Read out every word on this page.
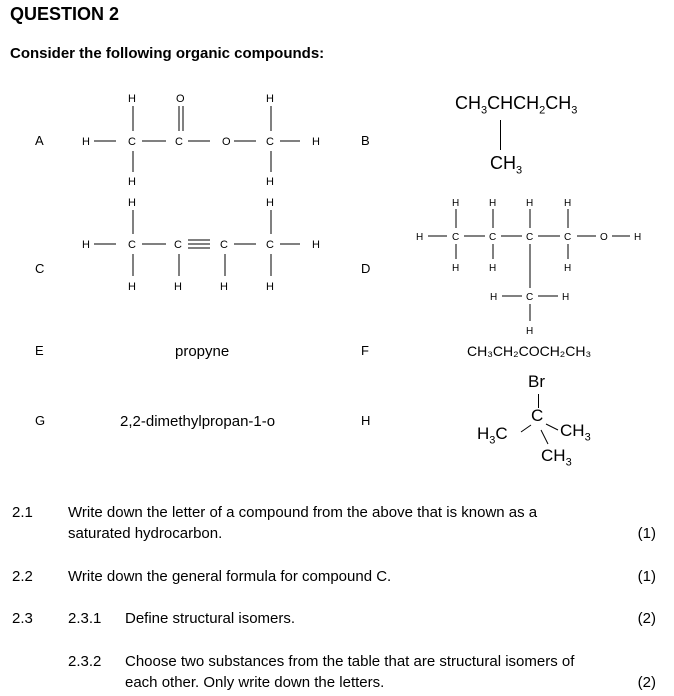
QUESTION 2
Consider the following organic compounds:
A	B
C	D
E	F
G	H
H	C	C	O	C	H
H	O	H
H	H
$CH_3CHCH_2CH_3$
$CH_3$
H	C	C	C	C	H
H	H
H	H	H	H
H	C	C	C	C	O	H
H	H	H	H
H	H	H
H	C	H
H
propyne	CH₃CH₂COCH₂CH₃
2,2-dimethylpropan-1-o
Br
C
$H_3C$	$CH_3$
$CH_3$
2.1 Write down the letter of a compound from the above that is known as a
saturated hydrocarbon.	(1)
2.2 Write down the general formula for compound C.	(1)
2.3 2.3.1 Define structural isomers.	(2)
2.3.2 Choose two substances from the table that are structural isomers of
each other. Only write down the letters.	(2)
